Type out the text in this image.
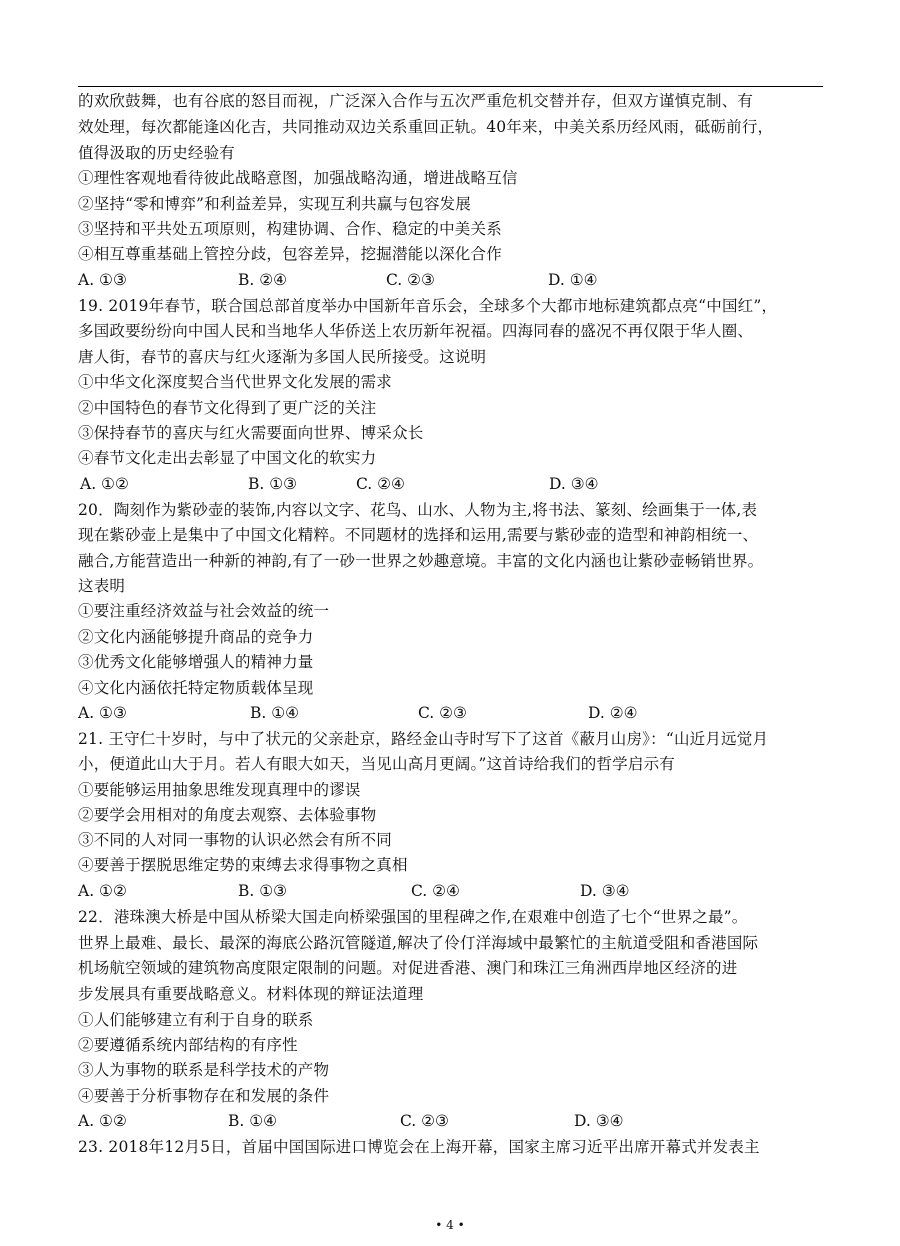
的欢欣鼓舞，也有谷底的怒目而视，广泛深入合作与五次严重危机交替并存，但双方谨慎克制、有
效处理，每次都能逢凶化吉，共同推动双边关系重回正轨。40年来，中美关系历经风雨，砥砺前行，
值得汲取的历史经验有
①理性客观地看待彼此战略意图，加强战略沟通，增进战略互信
②坚持“零和博弈”和利益差异，实现互利共赢与包容发展
③坚持和平共处五项原则，构建协调、合作、稳定的中美关系
④相互尊重基础上管控分歧，包容差异，挖掘潜能以深化合作
A. ①③	B. ②④	C. ②③	D. ①④
19. 2019年春节，联合国总部首度举办中国新年音乐会，全球多个大都市地标建筑都点亮“中国红”，
多国政要纷纷向中国人民和当地华人华侨送上农历新年祝福。四海同春的盛况不再仅限于华人圈、
唐人街，春节的喜庆与红火逐渐为多国人民所接受。这说明
①中华文化深度契合当代世界文化发展的需求
②中国特色的春节文化得到了更广泛的关注
③保持春节的喜庆与红火需要面向世界、博采众长
④春节文化走出去彰显了中国文化的软实力
A. ①②	B. ①③	C. ②④	D. ③④
20．陶刻作为紫砂壶的装饰,内容以文字、花鸟、山水、人物为主,将书法、篆刻、绘画集于一体,表
现在紫砂壶上是集中了中国文化精粹。不同题材的选择和运用,需要与紫砂壶的造型和神韵相统一、
融合,方能营造出一种新的神韵,有了一砂一世界之妙趣意境。丰富的文化内涵也让紫砂壶畅销世界。
这表明
①要注重经济效益与社会效益的统一
②文化内涵能够提升商品的竞争力
③优秀文化能够增强人的精神力量
④文化内涵依托特定物质载体呈现
A. ①③	B. ①④	C. ②③	D. ②④
21. 王守仁十岁时，与中了状元的父亲赴京，路经金山寺时写下了这首《蔽月山房》：“山近月远觉月
小，便道此山大于月。若人有眼大如天，当见山高月更阔。”这首诗给我们的哲学启示有
①要能够运用抽象思维发现真理中的谬误
②要学会用相对的角度去观察、去体验事物
③不同的人对同一事物的认识必然会有所不同
④要善于摆脱思维定势的束缚去求得事物之真相
A. ①②	B. ①③	C. ②④	D. ③④
22．港珠澳大桥是中国从桥梁大国走向桥梁强国的里程碑之作,在艰难中创造了七个“世界之最”。
世界上最难、最长、最深的海底公路沉管隧道,解决了伶仃洋海域中最繁忙的主航道受阻和香港国际
机场航空领域的建筑物高度限定限制的问题。对促进香港、澳门和珠江三角洲西岸地区经济的进
步发展具有重要战略意义。材料体现的辩证法道理
①人们能够建立有利于自身的联系
②要遵循系统内部结构的有序性
③人为事物的联系是科学技术的产物
④要善于分析事物存在和发展的条件
A. ①②	B. ①④	C. ②③	D. ③④
23. 2018年12月5日，首届中国国际进口博览会在上海开幕，国家主席习近平出席开幕式并发表主
• 4 •
